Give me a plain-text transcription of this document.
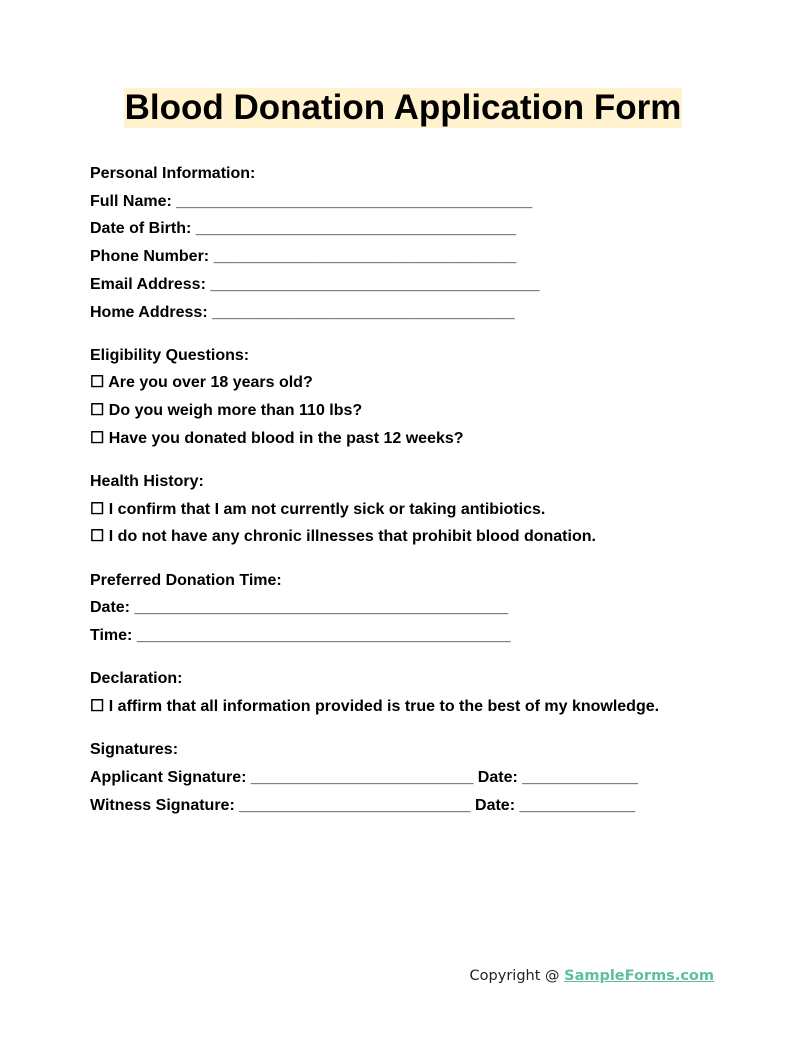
Blood Donation Application Form
Personal Information:
Full Name: ________________________________________
Date of Birth: ____________________________________
Phone Number: __________________________________
Email Address: _____________________________________
Home Address: __________________________________
Eligibility Questions:
☐ Are you over 18 years old?
☐ Do you weigh more than 110 lbs?
☐ Have you donated blood in the past 12 weeks?
Health History:
☐ I confirm that I am not currently sick or taking antibiotics.
☐ I do not have any chronic illnesses that prohibit blood donation.
Preferred Donation Time:
Date: __________________________________________
Time: __________________________________________
Declaration:
☐ I affirm that all information provided is true to the best of my knowledge.
Signatures:
Applicant Signature: _________________________ Date: _____________
Witness Signature: __________________________ Date: _____________
Copyright @ SampleForms.com
